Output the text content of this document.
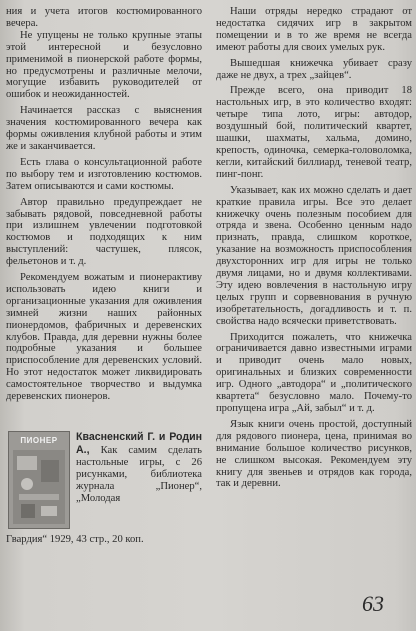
ния и учета итогов костюмированного вечера.

Не упущены не только крупные этапы этой интересной и безусловно применимой в пионерской работе формы, но предусмотрены и различные мелочи, могущие избавить руководителей от ошибок и неожиданностей.

Начинается рассказ с выяснения значения костюмированного вечера как формы оживления клубной работы и этим же и заканчивается.

Есть глава о консультационной работе по выбору тем и изготовлению костюмов. Затем описываются и сами костюмы.

Автор правильно предупреждает не забывать рядовой, повседневной работы при излишнем увлечении подготовкой костюмов и подходящих к ним выступлений: частушек, плясок, фельетонов и т. д.

Рекомендуем вожатым и пионерактиву использовать идею книги и организационные указания для оживления зимней жизни наших районных пионердомов, фабричных и деревенских клубов. Правда, для деревни нужны более подробные указания и большее приспособление для деревенских условий. Но этот недостаток может ликвидировать самостоятельное творчество и выдумка деревенских пионеров.

ПИОНЕР	Квасненский Г. и Родин А., Как самим сделать настольные игры, с 26 рисунками, библиотека журнала „Пионер“, „Молодая
Гвардия“ 1929, 43 стр., 20 коп.

Наши отряды нередко страдают от недостатка сидячих игр в закрытом помещении и в то же время не всегда имеют работы для своих умелых рук.

Вышедшая книжечка убивает сразу даже не двух, а трех „зайцев“.

Прежде всего, она приводит 18 настольных игр, в это количество входят: четыре типа лото, игры: автодор, воздушный бой, политический квартет, шашки, шахматы, хальма, домино, крепость, одиночка, семерка-головоломка, кегли, китайский биллиард, теневой театр, пинг-понг.

Указывает, как их можно сделать и дает краткие правила игры. Все это делает книжечку очень полезным пособием для отряда и звена. Особенно ценным надо признать, правда, слишком короткое, указание на возможность приспособления двухсторонних игр для игры не только двумя лицами, но и двумя коллективами. Эту идею вовлечения в настольную игру целых групп и сорвевнования в ручную изобретательность, догадливость и т. п. свойства надо всячески приветствовать.

Приходится пожалеть, что книжечка ограничивается давно известными играми и приводит очень мало новых, оригинальных и близких современности игр. Одного „автодора“ и „политического квартета“ безусловно мало. Почему-то пропущена игра „Ай, забыл“ и т. д.

Язык книги очень простой, доступный для рядового пионера, цена, принимая во внимание большое количество рисунков, не слишком высокая. Рекомендуем эту книгу для звеньев и отрядов как города, так и деревни.

63
